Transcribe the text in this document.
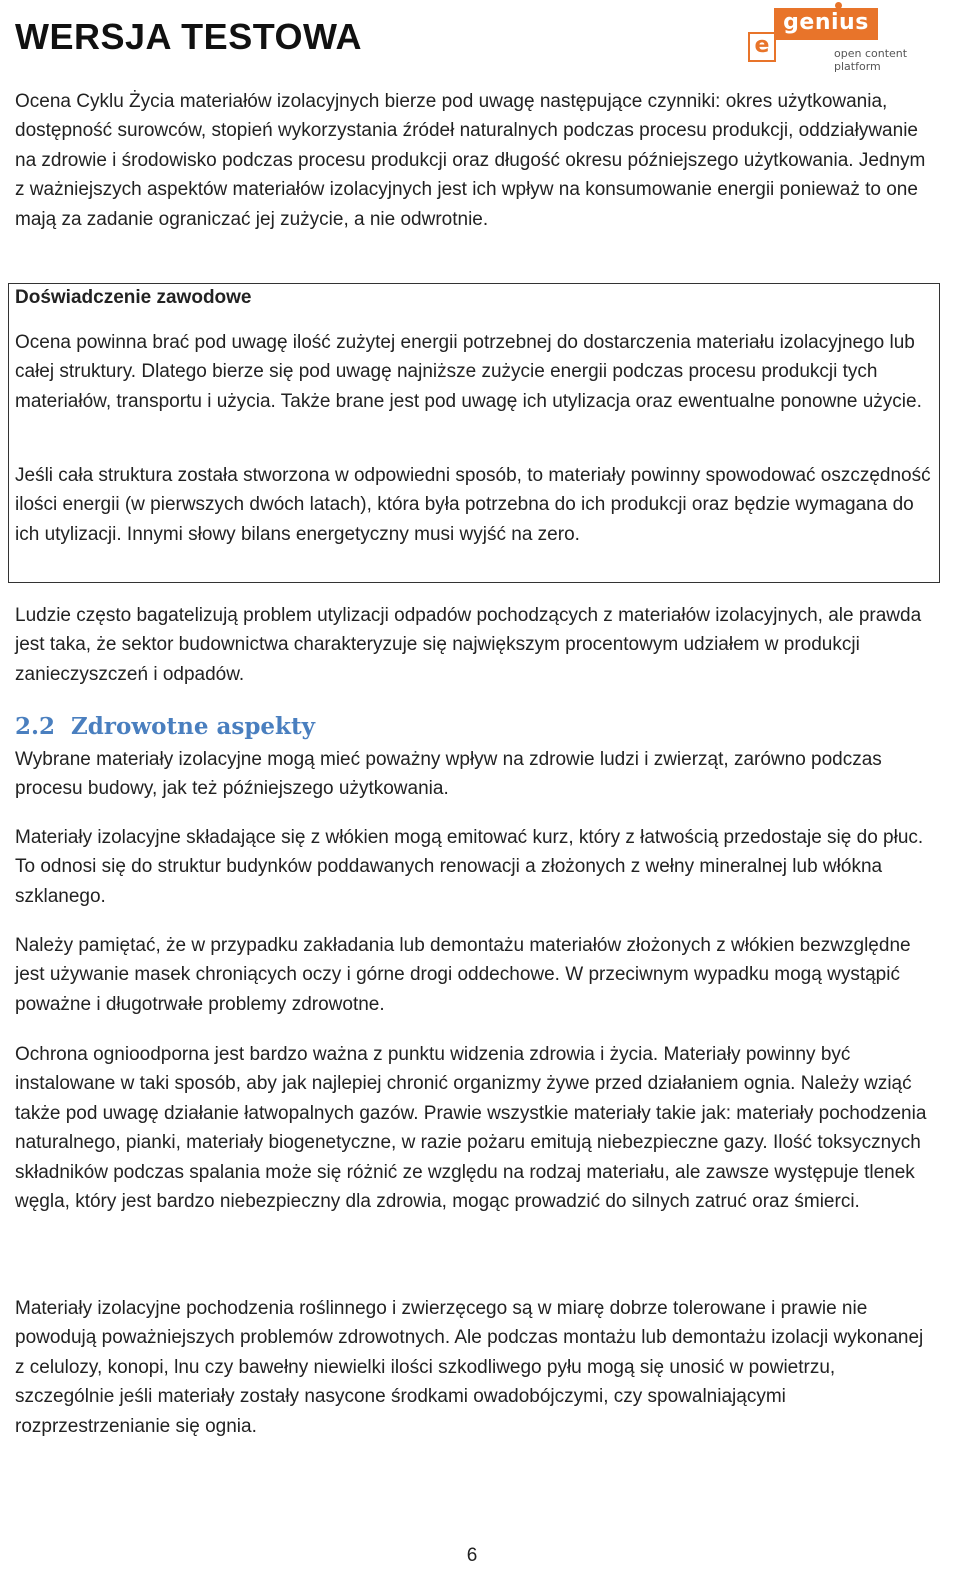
WERSJA TESTOWA	genius
e	open content
platform

Ocena Cyklu Życia materiałów izolacyjnych bierze pod uwagę następujące czynniki: okres użytkowania, dostępność surowców, stopień wykorzystania źródeł naturalnych podczas procesu produkcji, oddziaływanie na zdrowie i środowisko podczas procesu produkcji oraz długość okresu późniejszego użytkowania. Jednym z ważniejszych aspektów materiałów izolacyjnych jest ich wpływ na konsumowanie energii ponieważ to one mają za zadanie ograniczać jej zużycie, a nie odwrotnie.

Doświadczenie zawodowe

Ocena powinna brać pod uwagę ilość zużytej energii potrzebnej do dostarczenia materiału izolacyjnego lub całej struktury. Dlatego bierze się pod uwagę najniższe zużycie energii podczas procesu produkcji tych materiałów, transportu i użycia. Także brane jest pod uwagę ich utylizacja oraz ewentualne ponowne użycie.

Jeśli cała struktura została stworzona w odpowiedni sposób, to materiały powinny spowodować oszczędność ilości energii (w pierwszych dwóch latach), która była potrzebna do ich produkcji oraz będzie wymagana do ich utylizacji. Innymi słowy bilans energetyczny musi wyjść na zero.

Ludzie często bagatelizują problem utylizacji odpadów pochodzących z materiałów izolacyjnych, ale prawda jest taka, że sektor budownictwa charakteryzuje się największym procentowym udziałem w produkcji zanieczyszczeń i odpadów.

2.2 Zdrowotne aspekty

Wybrane materiały izolacyjne mogą mieć poważny wpływ na zdrowie ludzi i zwierząt, zarówno podczas procesu budowy, jak też późniejszego użytkowania.

Materiały izolacyjne składające się z włókien mogą emitować kurz, który z łatwością przedostaje się do płuc. To odnosi się do struktur budynków poddawanych renowacji a złożonych z wełny mineralnej lub włókna szklanego.

Należy pamiętać, że w przypadku zakładania lub demontażu materiałów złożonych z włókien bezwzględne jest używanie masek chroniących oczy i górne drogi oddechowe. W przeciwnym wypadku mogą wystąpić poważne i długotrwałe problemy zdrowotne.

Ochrona ognioodporna jest bardzo ważna z punktu widzenia zdrowia i życia. Materiały powinny być instalowane w taki sposób, aby jak najlepiej chronić organizmy żywe przed działaniem ognia. Należy wziąć także pod uwagę działanie łatwopalnych gazów. Prawie wszystkie materiały takie jak: materiały pochodzenia naturalnego, pianki, materiały biogenetyczne, w razie pożaru emitują niebezpieczne gazy. Ilość toksycznych składników podczas spalania może się różnić ze względu na rodzaj materiału, ale zawsze występuje tlenek węgla, który jest bardzo niebezpieczny dla zdrowia, mogąc prowadzić do silnych zatruć oraz śmierci.

Materiały izolacyjne pochodzenia roślinnego i zwierzęcego są w miarę dobrze tolerowane i prawie nie powodują poważniejszych problemów zdrowotnych. Ale podczas montażu lub demontażu izolacji wykonanej z celulozy, konopi, lnu czy bawełny niewielki ilości szkodliwego pyłu mogą się unosić w powietrzu, szczególnie jeśli materiały zostały nasycone środkami owadobójczymi, czy spowalniającymi rozprzestrzenianie się ognia.

6
